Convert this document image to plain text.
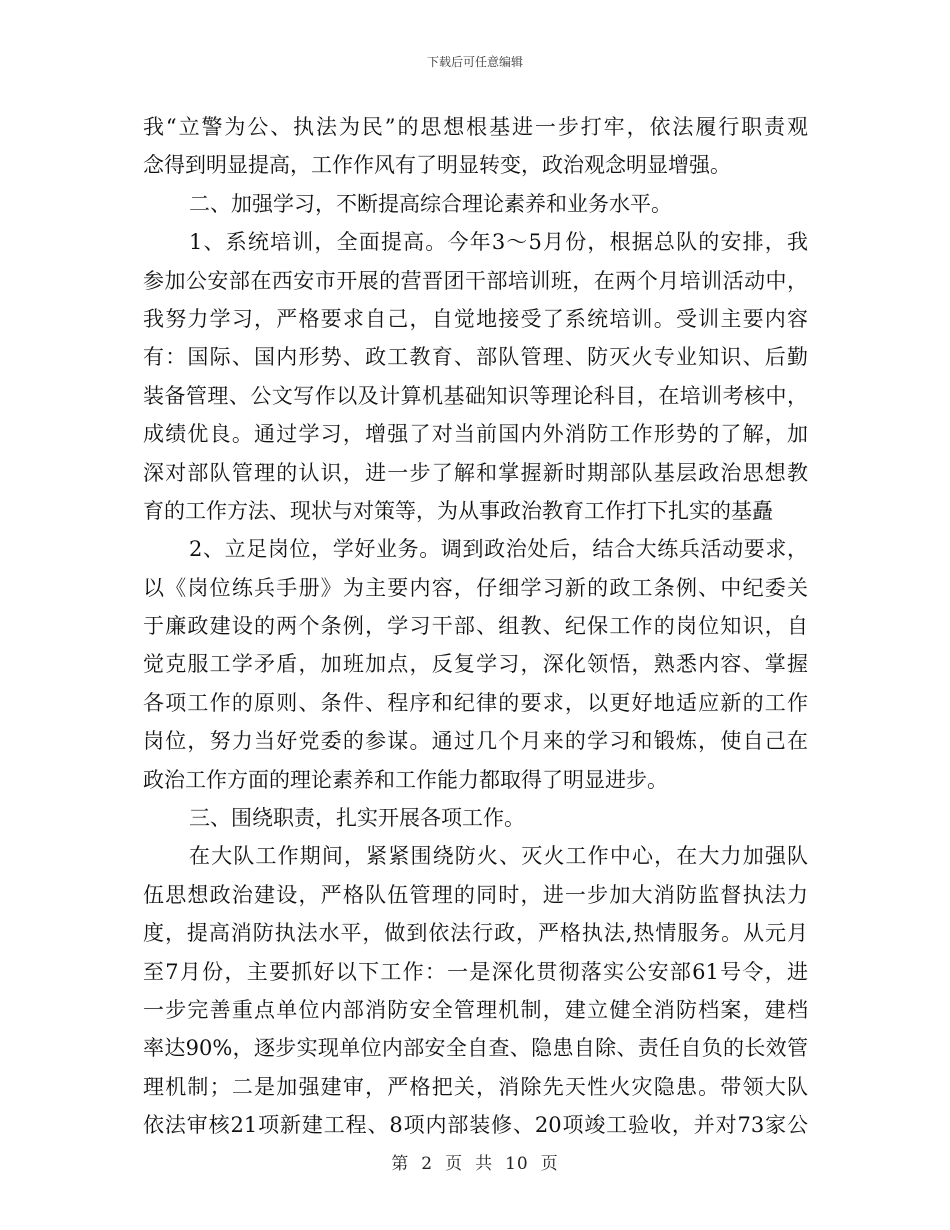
下载后可任意编辑
我“立警为公、执法为民”的思想根基进一步打牢，依法履行职责观
念得到明显提高，工作作风有了明显转变，政治观念明显增强。
二、加强学习，不断提高综合理论素养和业务水平。
1、系统培训，全面提高。今年3～5月份，根据总队的安排，我
参加公安部在西安市开展的营晋团干部培训班，在两个月培训活动中，
我努力学习，严格要求自己，自觉地接受了系统培训。受训主要内容
有：国际、国内形势、政工教育、部队管理、防灭火专业知识、后勤
装备管理、公文写作以及计算机基础知识等理论科目，在培训考核中，
成绩优良。通过学习，增强了对当前国内外消防工作形势的了解，加
深对部队管理的认识，进一步了解和掌握新时期部队基层政治思想教
育的工作方法、现状与对策等，为从事政治教育工作打下扎实的基矗
2、立足岗位，学好业务。调到政治处后，结合大练兵活动要求，
以《岗位练兵手册》为主要内容，仔细学习新的政工条例、中纪委关
于廉政建设的两个条例，学习干部、组教、纪保工作的岗位知识，自
觉克服工学矛盾，加班加点，反复学习，深化领悟，熟悉内容、掌握
各项工作的原则、条件、程序和纪律的要求，以更好地适应新的工作
岗位，努力当好党委的参谋。通过几个月来的学习和锻炼，使自己在
政治工作方面的理论素养和工作能力都取得了明显进步。
三、围绕职责，扎实开展各项工作。
在大队工作期间，紧紧围绕防火、灭火工作中心，在大力加强队
伍思想政治建设，严格队伍管理的同时，进一步加大消防监督执法力
度，提高消防执法水平，做到依法行政，严格执法,热情服务。从元月
至7月份，主要抓好以下工作：一是深化贯彻落实公安部61号令，进
一步完善重点单位内部消防安全管理机制，建立健全消防档案，建档
率达90%，逐步实现单位内部安全自查、隐患自除、责任自负的长效管
理机制；二是加强建审，严格把关，消除先天性火灾隐患。带领大队
依法审核21项新建工程、8项内部装修、20项竣工验收，并对73家公
第 2 页 共 10 页
